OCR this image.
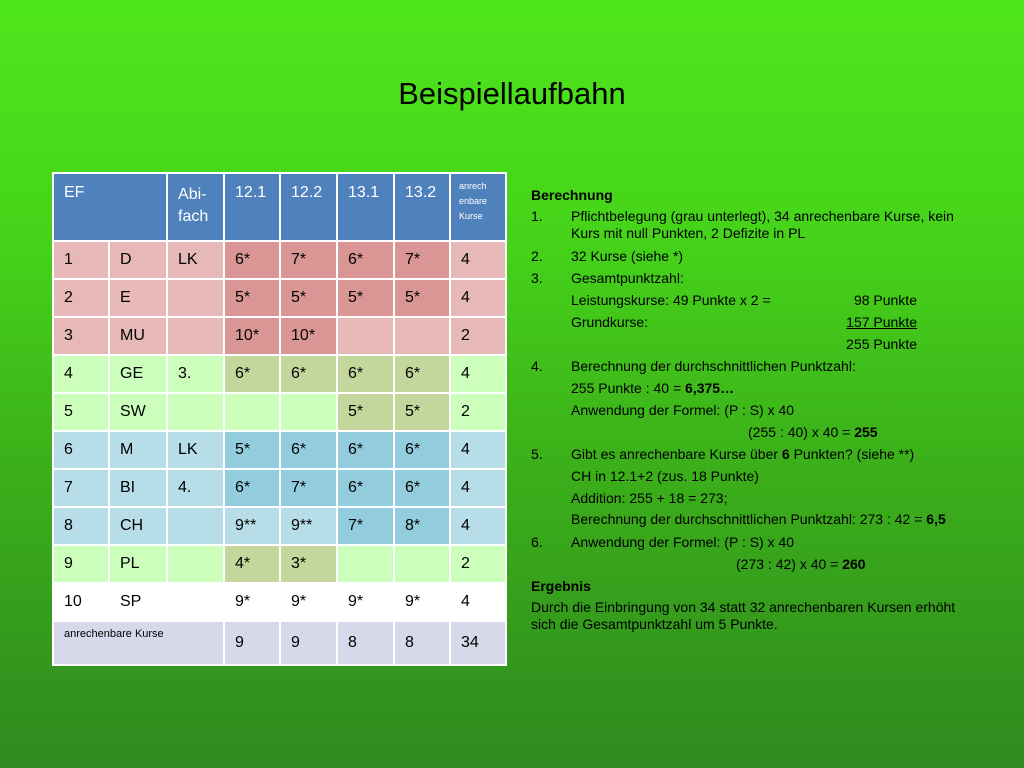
Beispiellaufbahn
EF		Abi-fach	12.1	12.2	13.1	13.2	anrech enbare Kurse
1	D	LK	6*	7*	6*	7*	4
2	E		5*	5*	5*	5*	4
3	MU		10*	10*			2
4	GE	3.	6*	6*	6*	6*	4
5	SW				5*	5*	2
6	M	LK	5*	6*	6*	6*	4
7	BI	4.	6*	7*	6*	6*	4
8	CH		9**	9**	7*	8*	4
9	PL		4*	3*			2
10	SP		9*	9*	9*	9*	4
anrechenbare Kurse			9	9	8	8	34
Berechnung
1. Pflichtbelegung (grau unterlegt), 34 anrechenbare Kurse, kein Kurs mit null Punkten, 2 Defizite in PL
2. 32 Kurse (siehe *)
3. Gesamtpunktzahl:
Leistungskurse: 49 Punkte x 2 =	98 Punkte
Grundkurse:	157 Punkte

255 Punkte
4. Berechnung der durchschnittlichen Punktzahl:
255 Punkte : 40 = 6,375…
Anwendung der Formel: (P : S) x 40
(255 : 40) x 40 = 255
5. Gibt es anrechenbare Kurse über 6 Punkten? (siehe **)
CH in 12.1+2 (zus. 18 Punkte)
Addition: 255 + 18 = 273;
Berechnung der durchschnittlichen Punktzahl: 273 : 42 = 6,5
6. Anwendung der Formel: (P : S) x 40
(273 : 42) x 40 = 260
Ergebnis
Durch die Einbringung von 34 statt 32 anrechenbaren Kursen erhöht sich die Gesamtpunktzahl um 5 Punkte.
